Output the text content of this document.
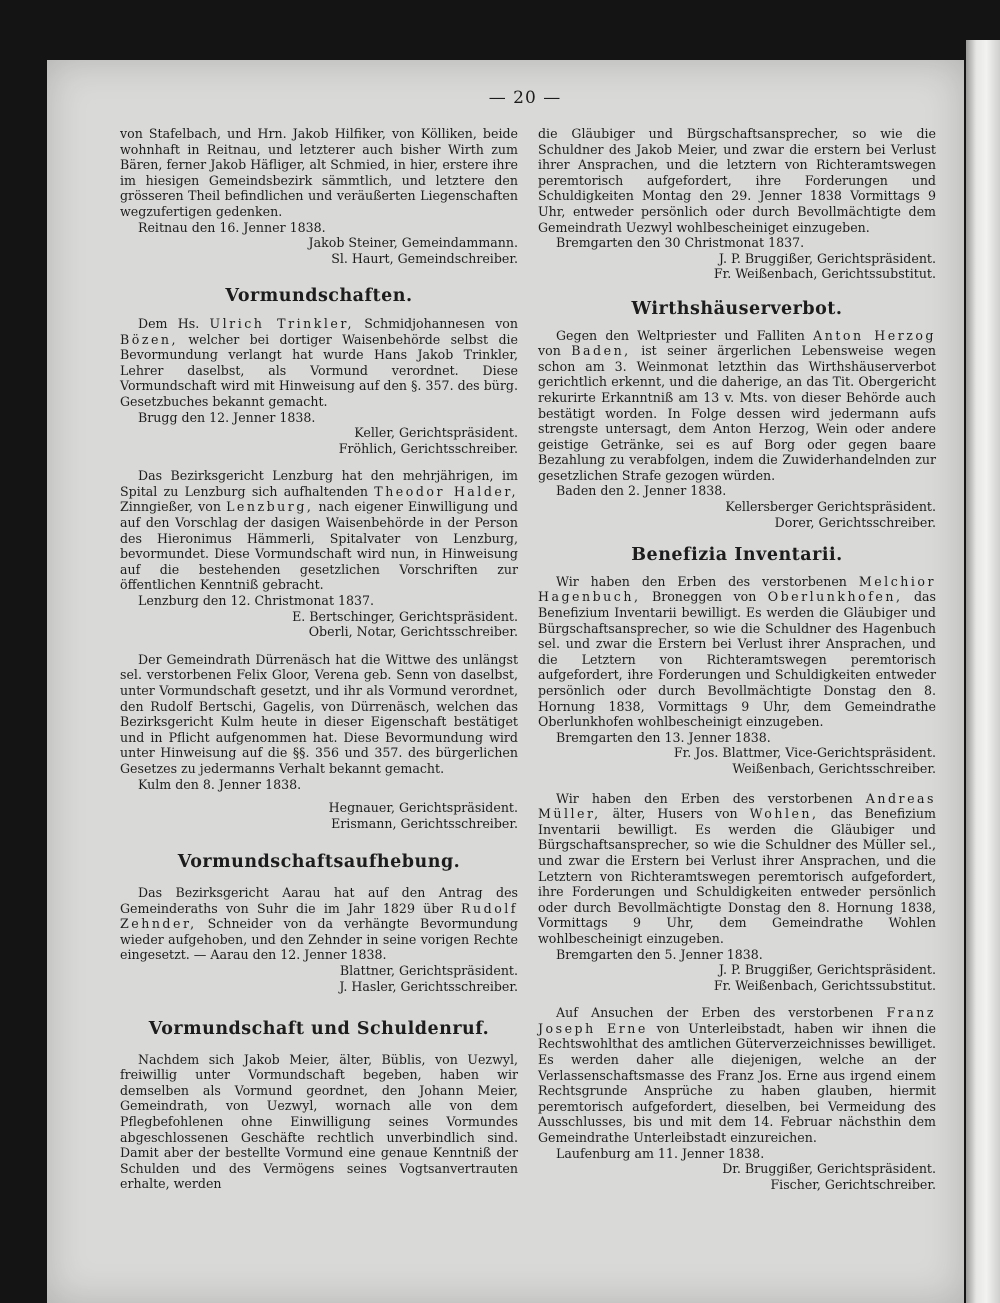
— 20 —

von Stafelbach, und Hrn. Jakob Hilfiker, von Kölliken, beide wohnhaft in Reitnau, und letzterer auch bisher Wirth zum Bären, ferner Jakob Häfliger, alt Schmied, in hier, erstere ihre im hiesigen Gemeindsbezirk sämmtlich, und letztere den grösseren Theil befindlichen und veräußerten Liegenschaften wegzufertigen gedenken.

Reitnau den 16. Jenner 1838.

Jakob Steiner, Gemeindammann.

Sl. Haurt, Gemeindschreiber.

Vormundschaften.

Dem Hs. Ulrich Trinkler, Schmidjohannesen von Bözen, welcher bei dortiger Waisenbehörde selbst die Bevormundung verlangt hat wurde Hans Jakob Trinkler, Lehrer daselbst, als Vormund verordnet. Diese Vormundschaft wird mit Hinweisung auf den §. 357. des bürg. Gesetzbuches bekannt gemacht.

Brugg den 12. Jenner 1838.

Keller, Gerichtspräsident.

Fröhlich, Gerichtsschreiber.

Das Bezirksgericht Lenzburg hat den mehrjährigen, im Spital zu Lenzburg sich aufhaltenden Theodor Halder, Zinngießer, von Lenzburg, nach eigener Einwilligung und auf den Vorschlag der dasigen Waisenbehörde in der Person des Hieronimus Hämmerli, Spitalvater von Lenzburg, bevormundet. Diese Vormundschaft wird nun, in Hinweisung auf die bestehenden gesetzlichen Vorschriften zur öffentlichen Kenntniß gebracht.

Lenzburg den 12. Christmonat 1837.

E. Bertschinger, Gerichtspräsident.

Oberli, Notar, Gerichtsschreiber.

Der Gemeindrath Dürrenäsch hat die Wittwe des unlängst sel. verstorbenen Felix Gloor, Verena geb. Senn von daselbst, unter Vormundschaft gesetzt, und ihr als Vormund verordnet, den Rudolf Bertschi, Gagelis, von Dürrenäsch, welchen das Bezirksgericht Kulm heute in dieser Eigenschaft bestätiget und in Pflicht aufgenommen hat. Diese Bevormundung wird unter Hinweisung auf die §§. 356 und 357. des bürgerlichen Gesetzes zu jedermanns Verhalt bekannt gemacht.

Kulm den 8. Jenner 1838.

Hegnauer, Gerichtspräsident.

Erismann, Gerichtsschreiber.

Vormundschaftsaufhebung.

Das Bezirksgericht Aarau hat auf den Antrag des Gemeinderaths von Suhr die im Jahr 1829 über Rudolf Zehnder, Schneider von da verhängte Bevormundung wieder aufgehoben, und den Zehnder in seine vorigen Rechte eingesetzt. — Aarau den 12. Jenner 1838.

Blattner, Gerichtspräsident.

J. Hasler, Gerichtsschreiber.

Vormundschaft und Schuldenruf.

Nachdem sich Jakob Meier, älter, Büblis, von Uezwyl, freiwillig unter Vormundschaft begeben, haben wir demselben als Vormund geordnet, den Johann Meier, Gemeindrath, von Uezwyl, wornach alle von dem Pflegbefohlenen ohne Einwilligung seines Vormundes abgeschlossenen Geschäfte rechtlich unverbindlich sind. Damit aber der bestellte Vormund eine genaue Kenntniß der Schulden und des Vermögens seines Vogtsanvertrauten erhalte, werden

die Gläubiger und Bürgschaftsansprecher, so wie die Schuldner des Jakob Meier, und zwar die erstern bei Verlust ihrer Ansprachen, und die letztern von Richteramtswegen peremtorisch aufgefordert, ihre Forderungen und Schuldigkeiten Montag den 29. Jenner 1838 Vormittags 9 Uhr, entweder persönlich oder durch Bevollmächtigte dem Gemeindrath Uezwyl wohlbescheiniget einzugeben.

Bremgarten den 30 Christmonat 1837.

J. P. Bruggißer, Gerichtspräsident.

Fr. Weißenbach, Gerichtssubstitut.

Wirthshäuserverbot.

Gegen den Weltpriester und Falliten Anton Herzog von Baden, ist seiner ärgerlichen Lebensweise wegen schon am 3. Weinmonat letzthin das Wirthshäuserverbot gerichtlich erkennt, und die daherige, an das Tit. Obergericht rekurirte Erkanntniß am 13 v. Mts. von dieser Behörde auch bestätigt worden. In Folge dessen wird jedermann aufs strengste untersagt, dem Anton Herzog, Wein oder andere geistige Getränke, sei es auf Borg oder gegen baare Bezahlung zu verabfolgen, indem die Zuwiderhandelnden zur gesetzlichen Strafe gezogen würden.

Baden den 2. Jenner 1838.

Kellersberger Gerichtspräsident.

Dorer, Gerichtsschreiber.

Benefizia Inventarii.

Wir haben den Erben des verstorbenen Melchior Hagenbuch, Broneggen von Oberlunkhofen, das Benefizium Inventarii bewilligt. Es werden die Gläubiger und Bürgschaftsansprecher, so wie die Schuldner des Hagenbuch sel. und zwar die Erstern bei Verlust ihrer Ansprachen, und die Letztern von Richteramtswegen peremtorisch aufgefordert, ihre Forderungen und Schuldigkeiten entweder persönlich oder durch Bevollmächtigte Donstag den 8. Hornung 1838, Vormittags 9 Uhr, dem Gemeindrathe Oberlunkhofen wohlbescheinigt einzugeben.

Bremgarten den 13. Jenner 1838.

Fr. Jos. Blattmer, Vice-Gerichtspräsident.

Weißenbach, Gerichtsschreiber.

Wir haben den Erben des verstorbenen Andreas Müller, älter, Husers von Wohlen, das Benefizium Inventarii bewilligt. Es werden die Gläubiger und Bürgschaftsansprecher, so wie die Schuldner des Müller sel., und zwar die Erstern bei Verlust ihrer Ansprachen, und die Letztern von Richteramtswegen peremtorisch aufgefordert, ihre Forderungen und Schuldigkeiten entweder persönlich oder durch Bevollmächtigte Donstag den 8. Hornung 1838, Vormittags 9 Uhr, dem Gemeindrathe Wohlen wohlbescheinigt einzugeben.

Bremgarten den 5. Jenner 1838.

J. P. Bruggißer, Gerichtspräsident.

Fr. Weißenbach, Gerichtssubstitut.

Auf Ansuchen der Erben des verstorbenen Franz Joseph Erne von Unterleibstadt, haben wir ihnen die Rechtswohlthat des amtlichen Güterverzeichnisses bewilliget. Es werden daher alle diejenigen, welche an der Verlassenschaftsmasse des Franz Jos. Erne aus irgend einem Rechtsgrunde Ansprüche zu haben glauben, hiermit peremtorisch aufgefordert, dieselben, bei Vermeidung des Ausschlusses, bis und mit dem 14. Februar nächsthin dem Gemeindrathe Unterleibstadt einzureichen.

Laufenburg am 11. Jenner 1838.

Dr. Bruggißer, Gerichtspräsident.

Fischer, Gerichtschreiber.
